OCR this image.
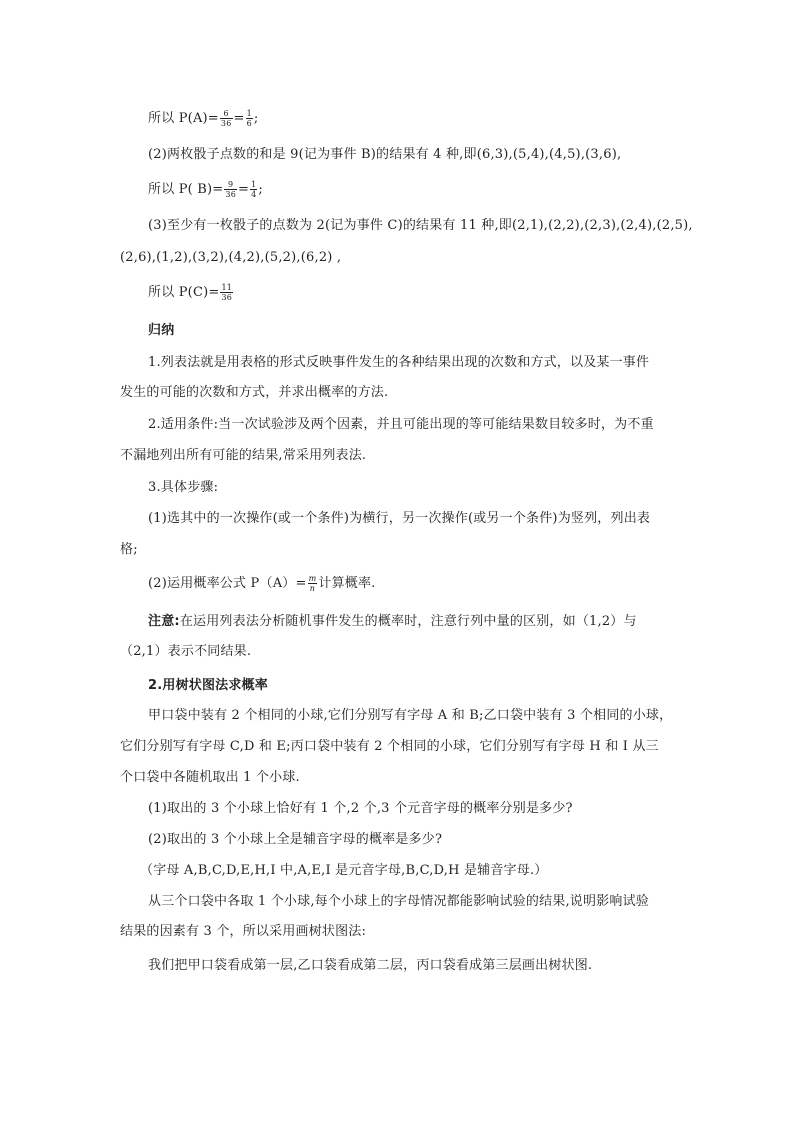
所以 $P(A)= \frac{6}{36} = \frac{1}{6}$ ;
(2)两枚骰子点数的和是 9(记为事件 B)的结果有 4 种,即(6,3),(5,4),(4,5),(3,6),
所以 P( $B)= \frac{9}{36} = \frac{1}{4}$ ;
(3)至少有一枚骰子的点数为 2(记为事件 C)的结果有 11 种,即(2,1),(2,2),(2,3),(2,4),(2,5),
(2,6),(1,2),(3,2),(4,2),(5,2),(6,2) ,
所以 $P(C)= \frac{11}{36}$
归纳
1.列表法就是用表格的形式反映事件发生的各种结果出现的次数和方式，以及某一事件
发生的可能的次数和方式，并求出概率的方法.
2.适用条件:当一次试验涉及两个因素，并且可能出现的等可能结果数目较多时，为不重
不漏地列出所有可能的结果,常采用列表法.
3.具体步骤:
(1)选其中的一次操作(或一个条件)为横行，另一次操作(或另一个条件)为竖列，列出表
格;
(2)运用概率公式 $P(A)= \frac{m}{n}$ 计算概率.
注意:在运用列表法分析随机事件发生的概率时，注意行列中量的区别，如（1,2）与
（2,1）表示不同结果.
2.用树状图法求概率
甲口袋中装有 2 个相同的小球,它们分别写有字母 A 和 B;乙口袋中装有 3 个相同的小球，
它们分别写有字母 C,D 和 E;丙口袋中装有 2 个相同的小球，它们分别写有字母 H 和 I 从三
个口袋中各随机取出 1 个小球.
(1)取出的 3 个小球上恰好有 1 个,2 个,3 个元音字母的概率分别是多少?
(2)取出的 3 个小球上全是辅音字母的概率是多少?
（字母 A,B,C,D,E,H,I 中,A,E,I 是元音字母,B,C,D,H 是辅音字母.）
从三个口袋中各取 1 个小球,每个小球上的字母情况都能影响试验的结果,说明影响试验
结果的因素有 3 个，所以采用画树状图法:
我们把甲口袋看成第一层,乙口袋看成第二层，丙口袋看成第三层画出树状图.
